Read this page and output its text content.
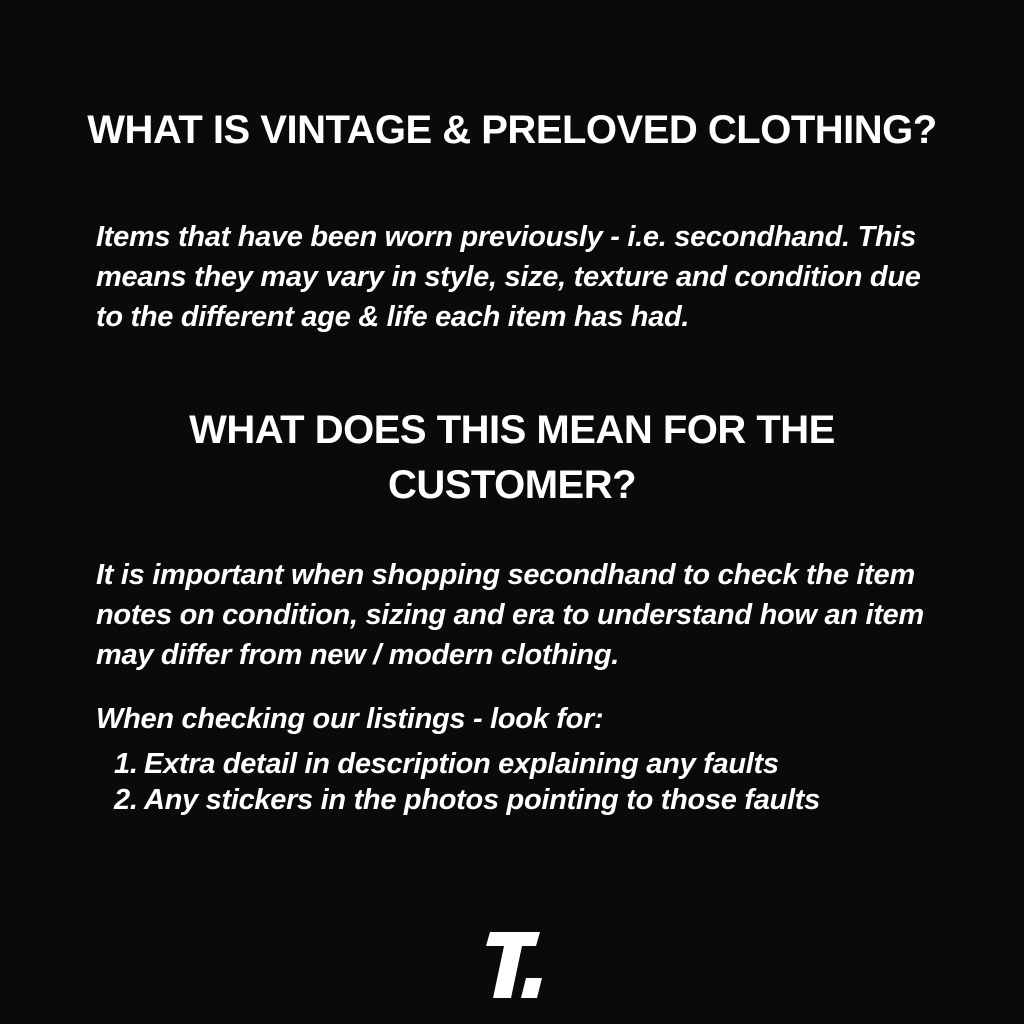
WHAT IS VINTAGE & PRELOVED CLOTHING?

Items that have been worn previously - i.e. secondhand. This
means they may vary in style, size, texture and condition due
to the different age & life each item has had.

WHAT DOES THIS MEAN FOR THE
CUSTOMER?

It is important when shopping secondhand to check the item
notes on condition, sizing and era to understand how an item
may differ from new / modern clothing.

When checking our listings - look for:

1. Extra detail in description explaining any faults
2. Any stickers in the photos pointing to those faults
